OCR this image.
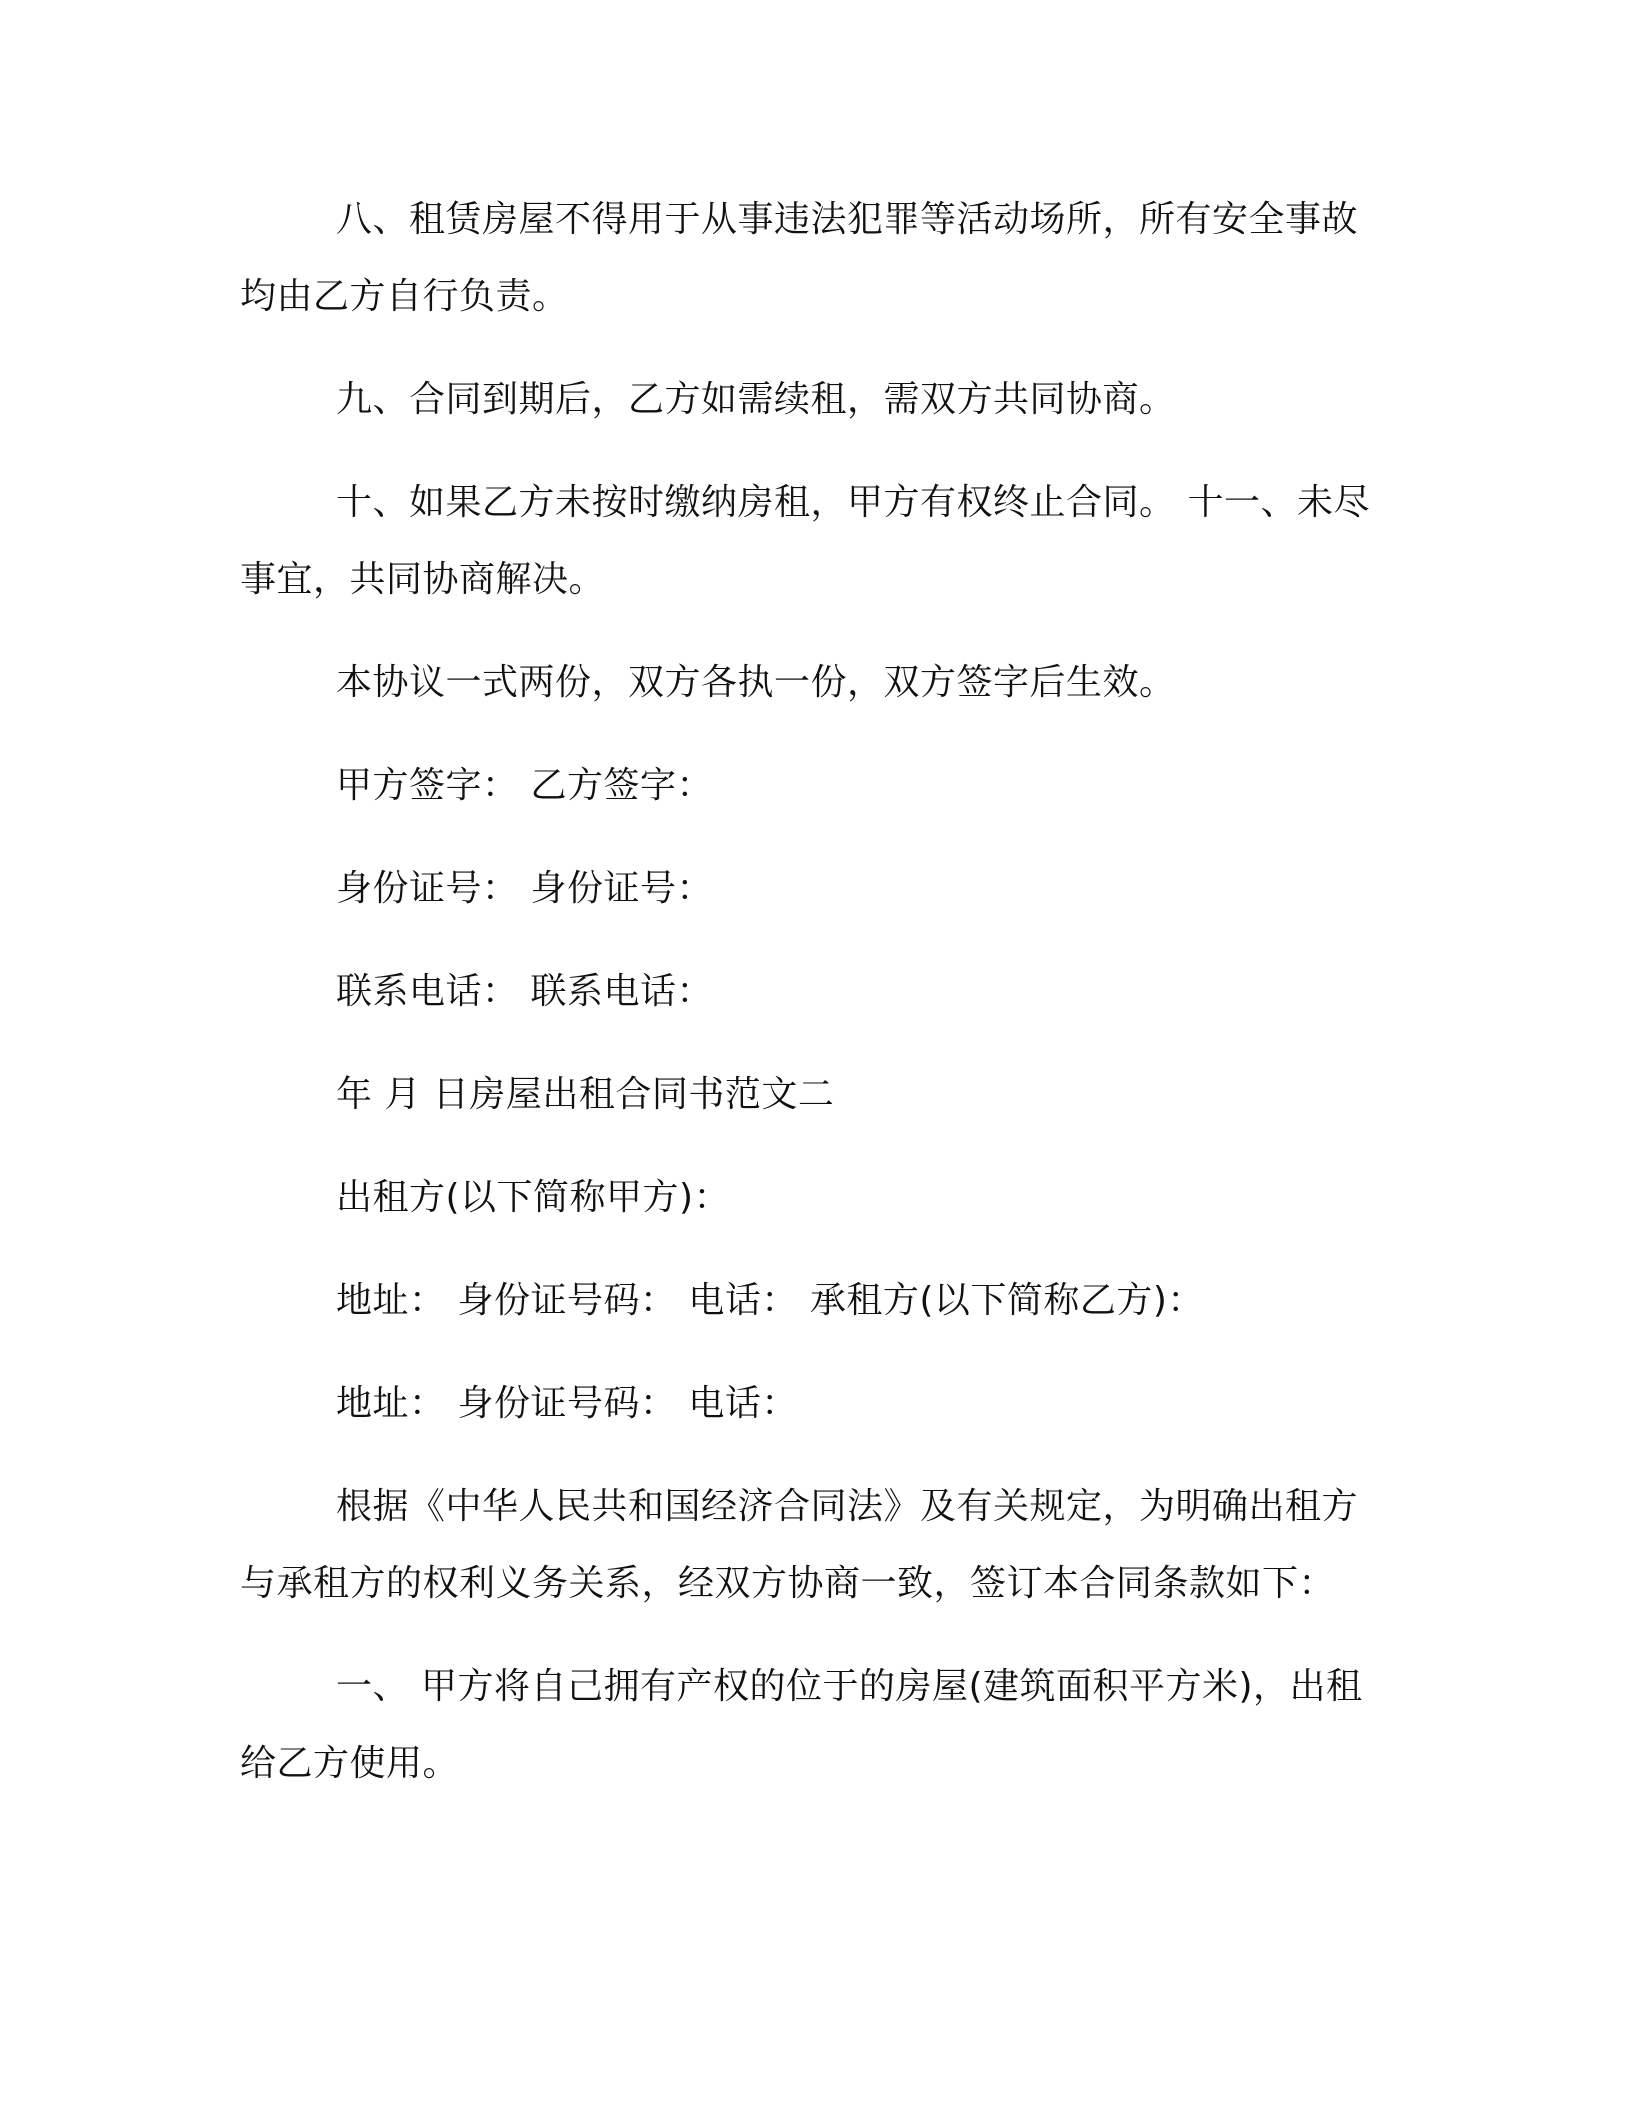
八、租赁房屋不得用于从事违法犯罪等活动场所，所有安全事故均由乙方自行负责。

九、合同到期后，乙方如需续租，需双方共同协商。

十、如果乙方未按时缴纳房租，甲方有权终止合同。 十一、未尽事宜，共同协商解决。

本协议一式两份，双方各执一份，双方签字后生效。

甲方签字： 乙方签字：

身份证号： 身份证号：

联系电话： 联系电话：

年 月 日房屋出租合同书范文二

出租方(以下简称甲方)：

地址： 身份证号码： 电话： 承租方(以下简称乙方)：

地址： 身份证号码： 电话：

根据《中华人民共和国经济合同法》及有关规定，为明确出租方与承租方的权利义务关系，经双方协商一致，签订本合同条款如下：

一、 甲方将自己拥有产权的位于的房屋(建筑面积平方米)，出租给乙方使用。
